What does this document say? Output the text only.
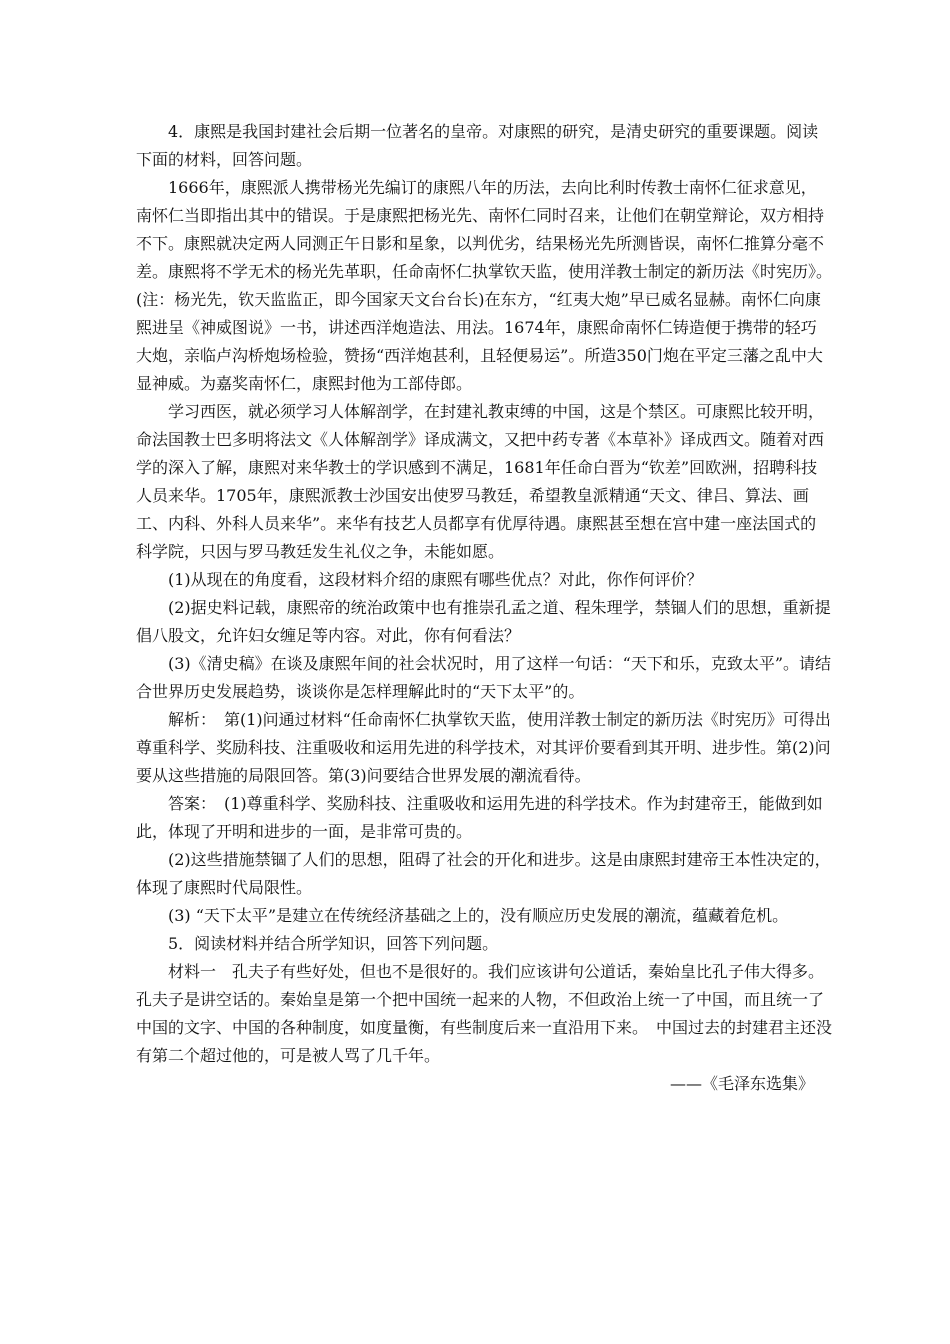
4．康熙是我国封建社会后期一位著名的皇帝。对康熙的研究，是清史研究的重要课题。阅读下面的材料，回答问题。

1666年，康熙派人携带杨光先编订的康熙八年的历法，去向比利时传教士南怀仁征求意见，南怀仁当即指出其中的错误。于是康熙把杨光先、南怀仁同时召来，让他们在朝堂辩论，双方相持不下。康熙就决定两人同测正午日影和星象，以判优劣，结果杨光先所测皆误，南怀仁推算分毫不差。康熙将不学无术的杨光先革职，任命南怀仁执掌钦天监，使用洋教士制定的新历法《时宪历》。(注：杨光先，钦天监监正，即今国家天文台台长)在东方，“红夷大炮”早已威名显赫。南怀仁向康熙进呈《神威图说》一书，讲述西洋炮造法、用法。1674年，康熙命南怀仁铸造便于携带的轻巧大炮，亲临卢沟桥炮场检验，赞扬“西洋炮甚利，且轻便易运”。所造350门炮在平定三藩之乱中大显神威。为嘉奖南怀仁，康熙封他为工部侍郎。

学习西医，就必须学习人体解剖学，在封建礼教束缚的中国，这是个禁区。可康熙比较开明，命法国教士巴多明将法文《人体解剖学》译成满文，又把中药专著《本草补》译成西文。随着对西学的深入了解，康熙对来华教士的学识感到不满足，1681年任命白晋为“钦差”回欧洲，招聘科技人员来华。1705年，康熙派教士沙国安出使罗马教廷，希望教皇派精通“天文、律吕、算法、画工、内科、外科人员来华”。来华有技艺人员都享有优厚待遇。康熙甚至想在宫中建一座法国式的科学院，只因与罗马教廷发生礼仪之争，未能如愿。

(1)从现在的角度看，这段材料介绍的康熙有哪些优点？对此，你作何评价？

(2)据史料记载，康熙帝的统治政策中也有推崇孔孟之道、程朱理学，禁锢人们的思想，重新提倡八股文，允许妇女缠足等内容。对此，你有何看法？

(3)《清史稿》在谈及康熙年间的社会状况时，用了这样一句话：“天下和乐，克致太平”。请结合世界历史发展趋势，谈谈你是怎样理解此时的“天下太平”的。

解析：　第(1)问通过材料“任命南怀仁执掌钦天监，使用洋教士制定的新历法《时宪历》可得出尊重科学、奖励科技、注重吸收和运用先进的科学技术，对其评价要看到其开明、进步性。第(2)问要从这些措施的局限回答。第(3)问要结合世界发展的潮流看待。

答案：　(1)尊重科学、奖励科技、注重吸收和运用先进的科学技术。作为封建帝王，能做到如此，体现了开明和进步的一面，是非常可贵的。

(2)这些措施禁锢了人们的思想，阻碍了社会的开化和进步。这是由康熙封建帝王本性决定的，体现了康熙时代局限性。

(3) “天下太平”是建立在传统经济基础之上的，没有顺应历史发展的潮流，蕴藏着危机。

5．阅读材料并结合所学知识，回答下列问题。

材料一　孔夫子有些好处，但也不是很好的。我们应该讲句公道话，秦始皇比孔子伟大得多。孔夫子是讲空话的。秦始皇是第一个把中国统一起来的人物，不但政治上统一了中国，而且统一了中国的文字、中国的各种制度，如度量衡，有些制度后来一直沿用下来。　中国过去的封建君主还没有第二个超过他的，可是被人骂了几千年。

——《毛泽东选集》
